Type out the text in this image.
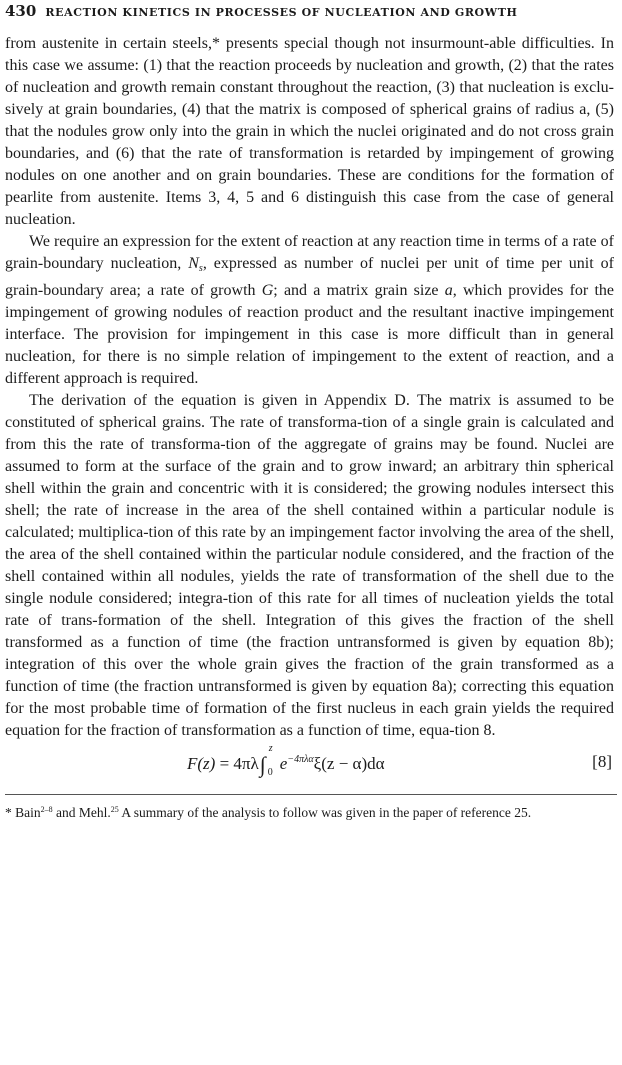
430 REACTION KINETICS IN PROCESSES OF NUCLEATION AND GROWTH

from austenite in certain steels,* presents special though not insurmount-able difficulties. In this case we assume: (1) that the reaction proceeds by nucleation and growth, (2) that the rates of nucleation and growth remain constant throughout the reaction, (3) that nucleation is exclu-sively at grain boundaries, (4) that the matrix is composed of spherical grains of radius a, (5) that the nodules grow only into the grain in which the nuclei originated and do not cross grain boundaries, and (6) that the rate of transformation is retarded by impingement of growing nodules on one another and on grain boundaries. These are conditions for the formation of pearlite from austenite. Items 3, 4, 5 and 6 distinguish this case from the case of general nucleation.

We require an expression for the extent of reaction at any reaction time in terms of a rate of grain-boundary nucleation, $N_s$, expressed as number of nuclei per unit of time per unit of grain-boundary area; a rate of growth G; and a matrix grain size a, which provides for the impingement of growing nodules of reaction product and the resultant inactive impingement interface. The provision for impingement in this case is more difficult than in general nucleation, for there is no simple relation of impingement to the extent of reaction, and a different approach is required.

The derivation of the equation is given in Appendix D. The matrix is assumed to be constituted of spherical grains. The rate of transforma-tion of a single grain is calculated and from this the rate of transforma-tion of the aggregate of grains may be found. Nuclei are assumed to form at the surface of the grain and to grow inward; an arbitrary thin spherical shell within the grain and concentric with it is considered; the growing nodules intersect this shell; the rate of increase in the area of the shell contained within a particular nodule is calculated; multiplica-tion of this rate by an impingement factor involving the area of the shell, the area of the shell contained within the particular nodule considered, and the fraction of the shell contained within all nodules, yields the rate of transformation of the shell due to the single nodule considered; integra-tion of this rate for all times of nucleation yields the total rate of trans-formation of the shell. Integration of this gives the fraction of the shell transformed as a function of time (the fraction untransformed is given by equation 8b); integration of this over the whole grain gives the fraction of the grain transformed as a function of time (the fraction untransformed is given by equation 8a); correcting this equation for the most probable time of formation of the first nucleus in each grain yields the required equation for the fraction of transformation as a function of time, equa-tion 8.

F(z) = 4πλ∫
z
0 $e^{-4\pi\lambda\alpha}\xi(z - \alpha)d\alpha$	[8]
* Bain$^{2-8}$ and Mehl.$^{25}$ A summary of the analysis to follow was given in the paper of reference 25.
